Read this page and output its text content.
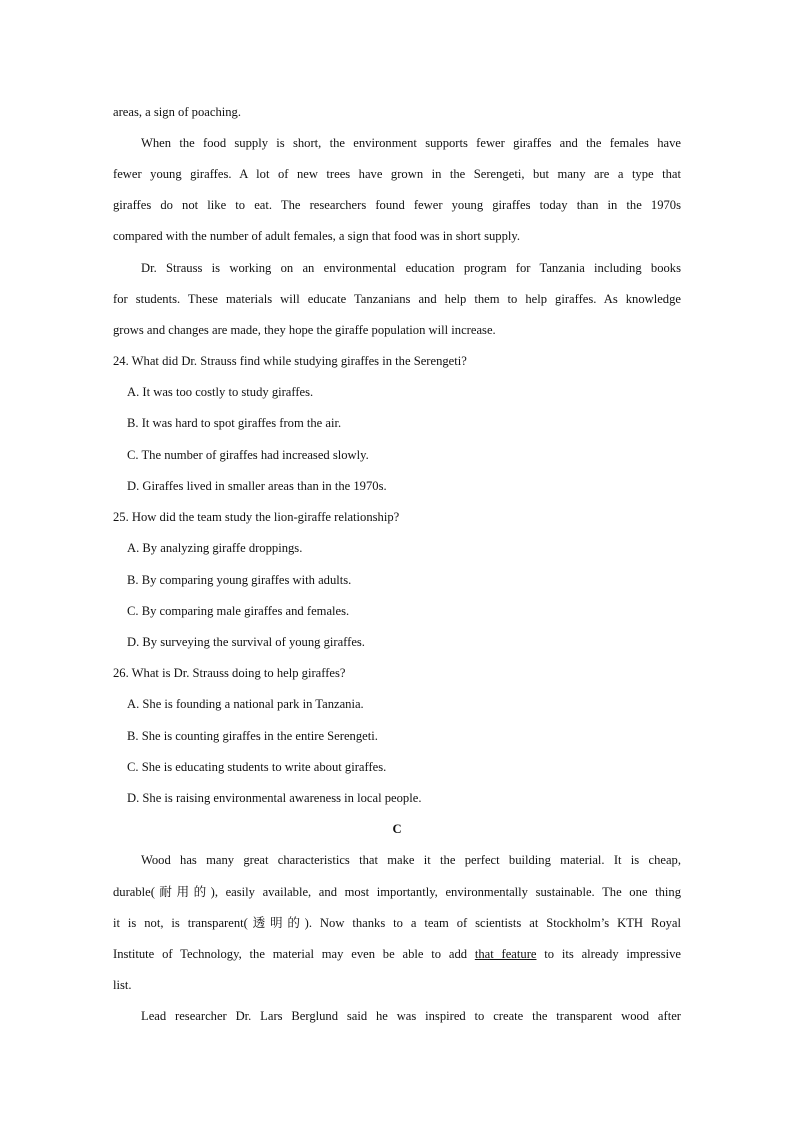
areas, a sign of poaching.
When the food supply is short, the environment supports fewer giraffes and the females have
fewer young giraffes. A lot of new trees have grown in the Serengeti, but many are a type that
giraffes do not like to eat. The researchers found fewer young giraffes today than in the 1970s
compared with the number of adult females, a sign that food was in short supply.
Dr. Strauss is working on an environmental education program for Tanzania including books
for students. These materials will educate Tanzanians and help them to help giraffes. As knowledge
grows and changes are made, they hope the giraffe population will increase.
24. What did Dr. Strauss find while studying giraffes in the Serengeti?
A. It was too costly to study giraffes.
B. It was hard to spot giraffes from the air.
C. The number of giraffes had increased slowly.
D. Giraffes lived in smaller areas than in the 1970s.
25. How did the team study the lion-giraffe relationship?
A. By analyzing giraffe droppings.
B. By comparing young giraffes with adults.
C. By comparing male giraffes and females.
D. By surveying the survival of young giraffes.
26. What is Dr. Strauss doing to help giraffes?
A. She is founding a national park in Tanzania.
B. She is counting giraffes in the entire Serengeti.
C. She is educating students to write about giraffes.
D. She is raising environmental awareness in local people.
C
Wood has many great characteristics that make it the perfect building material. It is cheap,
durable(耐用的), easily available, and most importantly, environmentally sustainable. The one thing
it is not, is transparent(透明的). Now thanks to a team of scientists at Stockholm’s KTH Royal
Institute of Technology, the material may even be able to add that feature to its already impressive
list.
Lead researcher Dr. Lars Berglund said he was inspired to create the transparent wood after
